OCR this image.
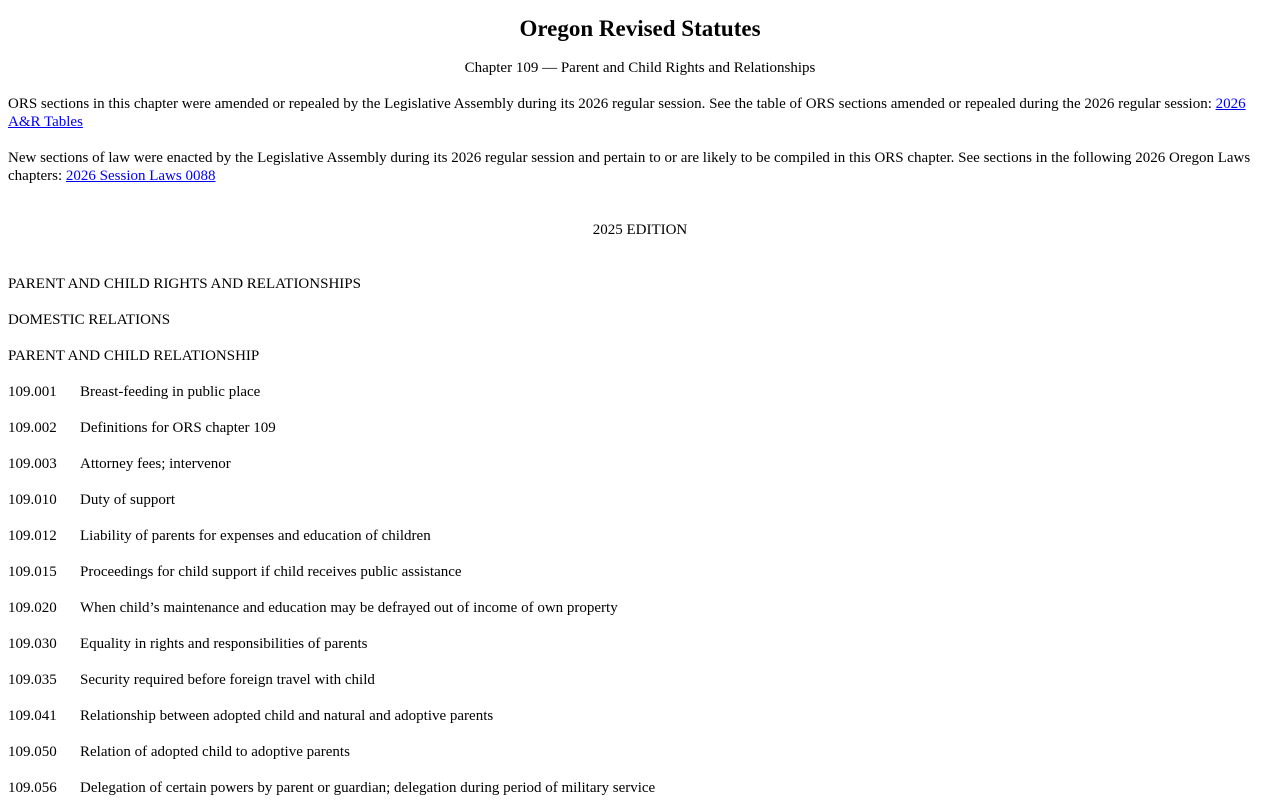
Oregon Revised Statutes
Chapter 109 — Parent and Child Rights and Relationships
ORS sections in this chapter were amended or repealed by the Legislative Assembly during its 2026 regular session. See the table of ORS sections amended or repealed during the 2026 regular session: 2026 A&R Tables
New sections of law were enacted by the Legislative Assembly during its 2026 regular session and pertain to or are likely to be compiled in this ORS chapter. See sections in the following 2026 Oregon Laws chapters: 2026 Session Laws 0088
2025 EDITION
PARENT AND CHILD RIGHTS AND RELATIONSHIPS
DOMESTIC RELATIONS
PARENT AND CHILD RELATIONSHIP
109.001 Breast-feeding in public place
109.002 Definitions for ORS chapter 109
109.003 Attorney fees; intervenor
109.010 Duty of support
109.012 Liability of parents for expenses and education of children
109.015 Proceedings for child support if child receives public assistance
109.020 When child’s maintenance and education may be defrayed out of income of own property
109.030 Equality in rights and responsibilities of parents
109.035 Security required before foreign travel with child
109.041 Relationship between adopted child and natural and adoptive parents
109.050 Relation of adopted child to adoptive parents
109.056 Delegation of certain powers by parent or guardian; delegation during period of military service
